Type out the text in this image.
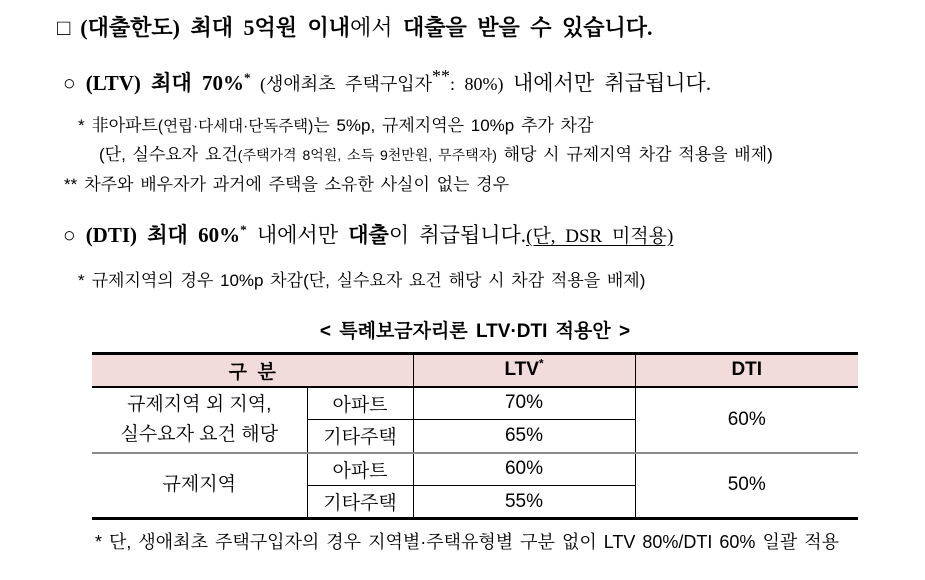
□ (대출한도) 최대 5억원 이내에서 대출을 받을 수 있습니다.
○ (LTV) 최대 70%* (생애최초 주택구입자**: 80%) 내에서만 취급됩니다.
* 非아파트(연립·다세대·단독주택)는 5%p, 규제지역은 10%p 추가 차감
(단, 실수요자 요건(주택가격 8억원, 소득 9천만원, 무주택자) 해당 시 규제지역 차감 적용을 배제)
** 차주와 배우자가 과거에 주택을 소유한 사실이 없는 경우
○ (DTI) 최대 60%* 내에서만 대출이 취급됩니다.(단, DSR 미적용)
* 규제지역의 경우 10%p 차감(단, 실수요자 요건 해당 시 차감 적용을 배제)
< 특례보금자리론 LTV·DTI 적용안 >
구  분		LTV*	DTI

규제지역 외 지역,
실수요자 요건 해당	아파트	70%	60%
	기타주택	65%	
규제지역	아파트	60%	50%
	기타주택	55%	
* 단, 생애최초 주택구입자의 경우 지역별·주택유형별 구분 없이 LTV 80%/DTI 60% 일괄 적용
